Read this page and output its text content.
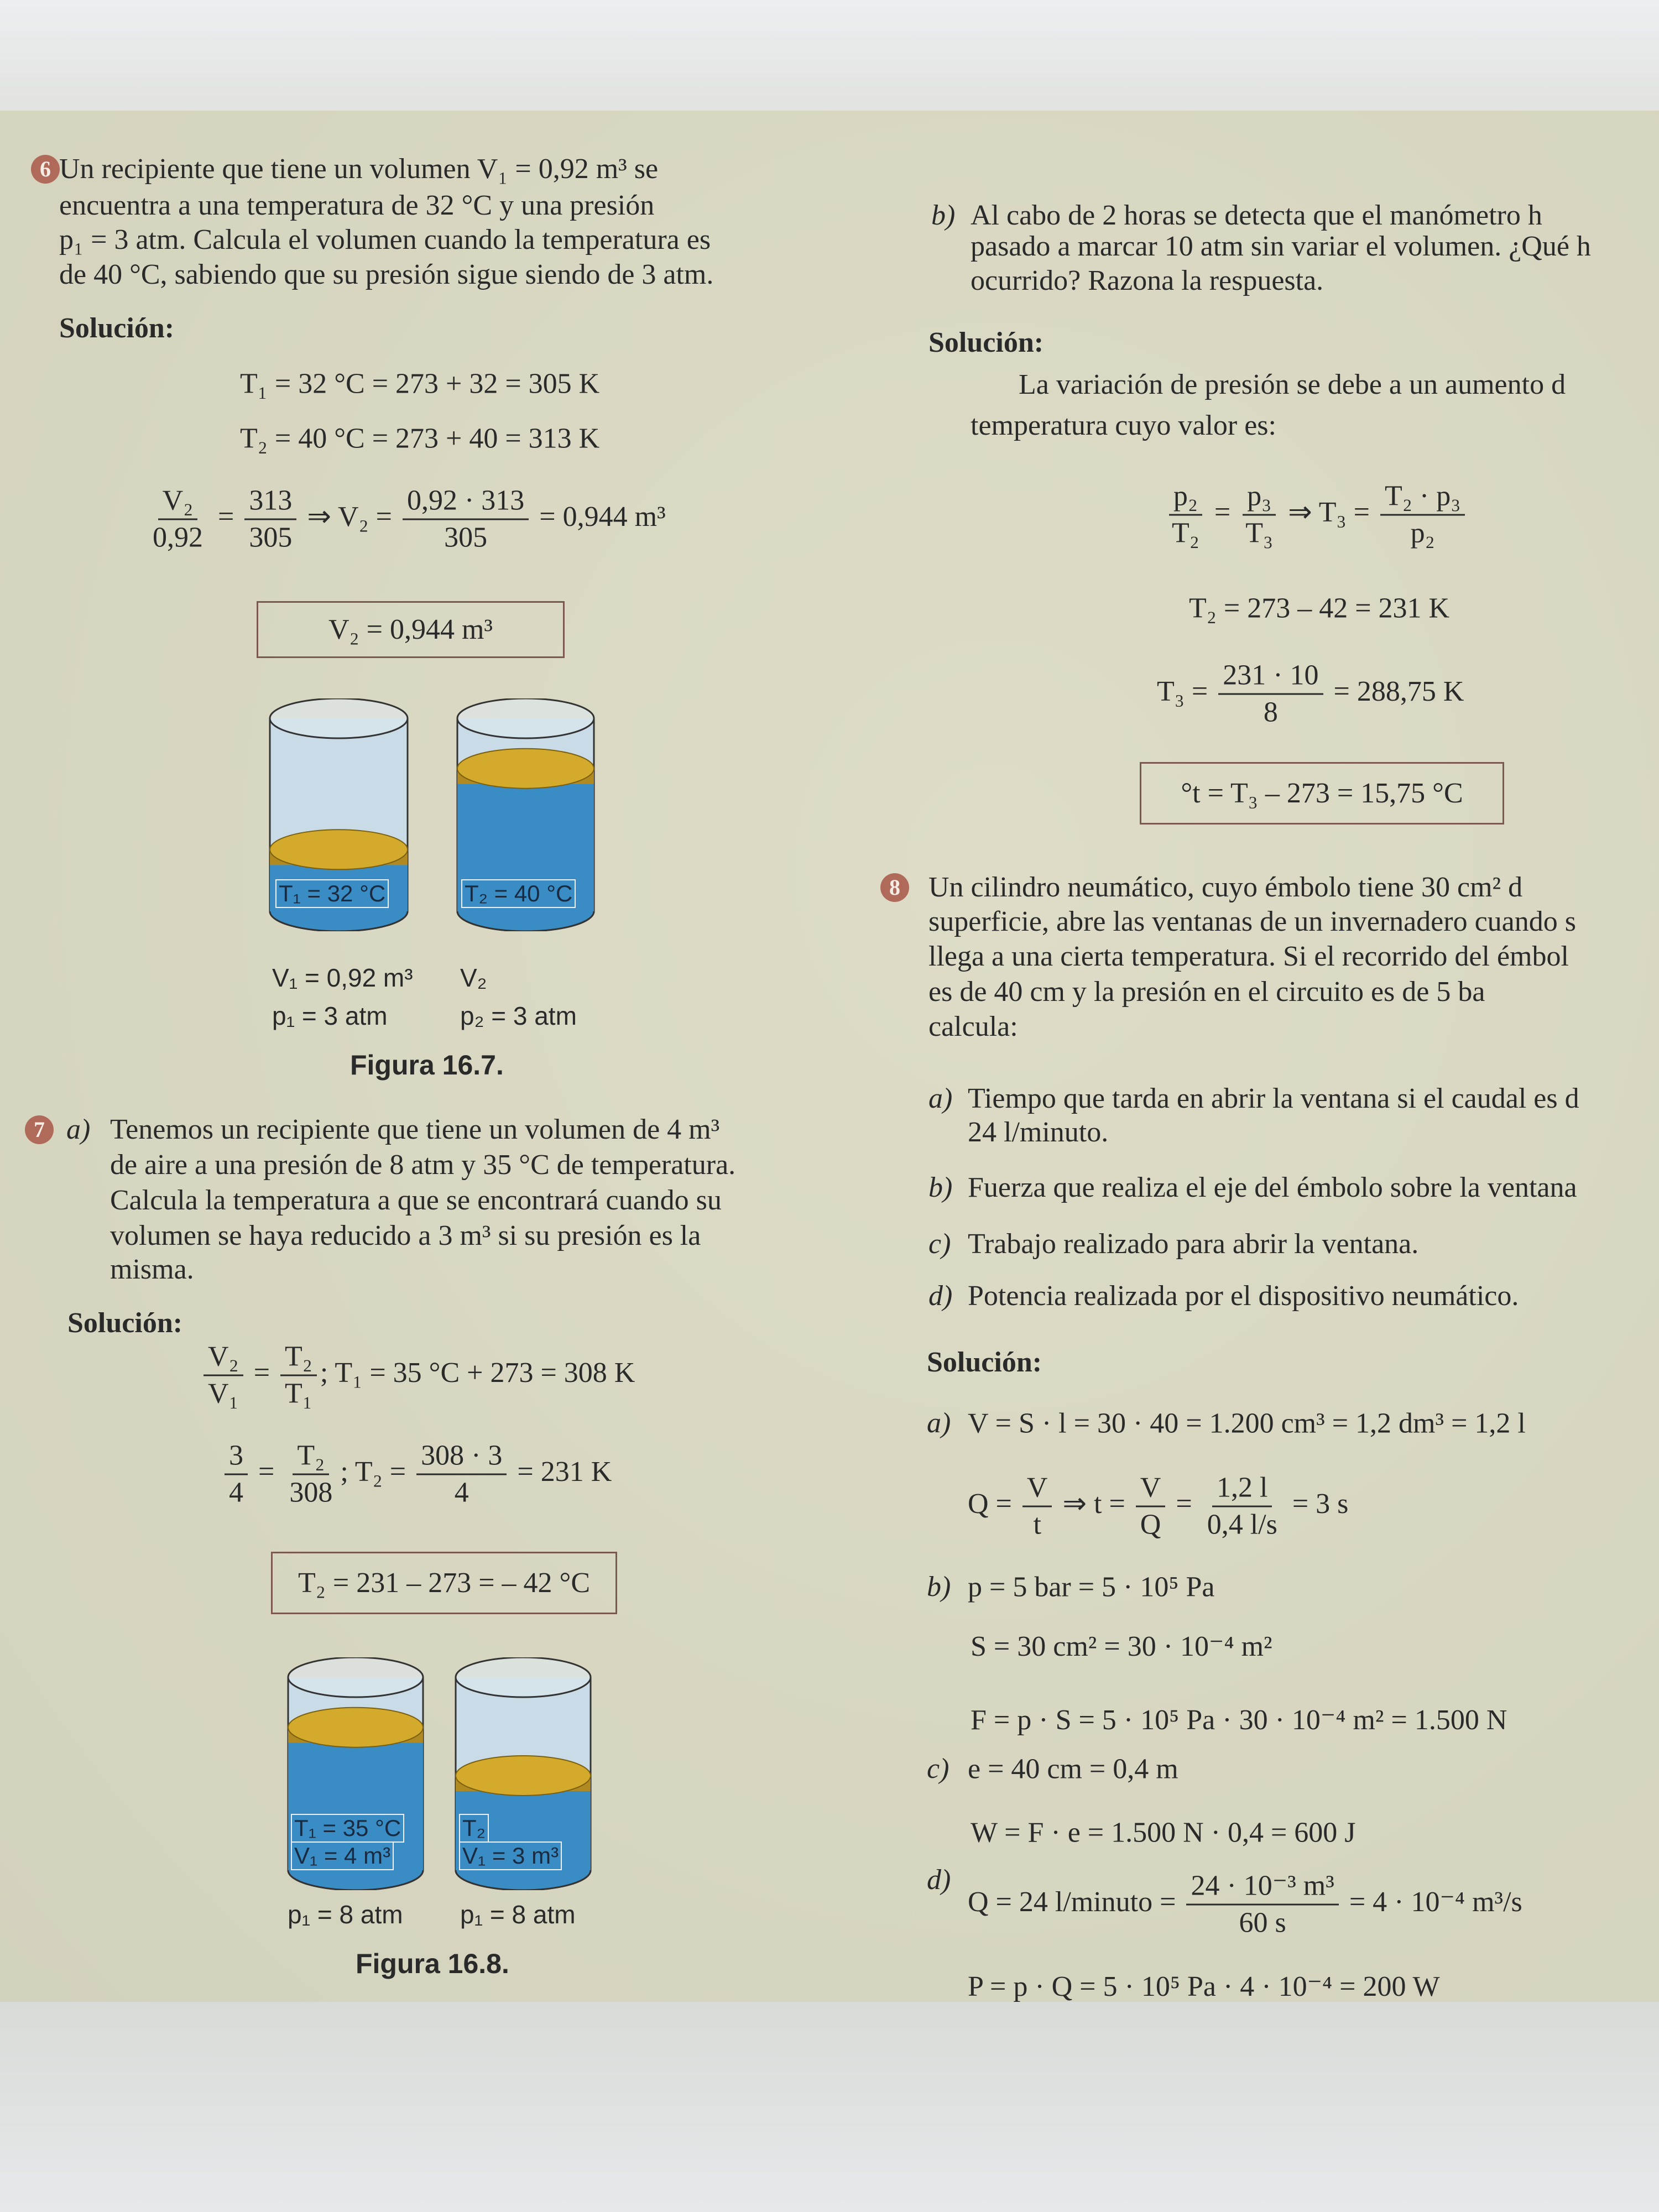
6 Un recipiente que tiene un volumen V₁ = 0,92 m³ se
encuentra a una temperatura de 32 °C y una presión
p₁ = 3 atm. Calcula el volumen cuando la temperatura es
de 40 °C, sabiendo que su presión sigue siendo de 3 atm.
Solución:
T₁ = 32 °C = 273 + 32 = 305 K
T₂ = 40 °C = 273 + 40 = 313 K
$\frac{\text{V₂}}{0,92} = \frac{313}{305}$ ⇒ $V_2 = \frac{0,92 \cdot 313}{305} = 0,944$ m³
V₂ = 0,944 m³
T₁ = 32 °C	T₂ = 40 °C
V₁ = 0,92 m³ V₂
p₁ = 3 atm	p₂ = 3 atm
Figura 16.7.
7 a) Tenemos un recipiente que tiene un volumen de 4 m³
de aire a una presión de 8 atm y 35 °C de temperatura.
Calcula la temperatura a que se encontrará cuando su
volumen se haya reducido a 3 m³ si su presión es la
misma.
Solución:
$\frac{\text{V₂}}{\text{V₁}} = \frac{\text{T₂}}{\text{T₁}}$ ; T₁ = 35 °C + 273 = 308 K
$\frac{3}{4} = \frac{\text{T₂}}{308}$ ; $T_2 = \frac{308 \cdot 3}{4} = 231$ K
T₂ = 231 – 273 = – 42 °C
T₁ = 35 °C
V₁ = 4 m³
T₂
V₁ = 3 m³
p₁ = 8 atm p₁ = 8 atm
Figura 16.8.
b) Al cabo de 2 horas se detecta que el manómetro h
pasado a marcar 10 atm sin variar el volumen. ¿Qué h
ocurrido? Razona la respuesta.
Solución:
La variación de presión se debe a un aumento d
temperatura cuyo valor es:
$\frac{\text{p₂}}{\text{T₂}} = \frac{\text{p₃}}{\text{T₃}}$ ⇒ $T_3 = \frac{\text{T₂ · p₃}}{\text{p₂}}$
T₂ = 273 – 42 = 231 K
$T_3 = \frac{231 \cdot 10}{8} = 288,75$ K
°t = T₃ – 273 = 15,75 °C
8 Un cilindro neumático, cuyo émbolo tiene 30 cm² d
superficie, abre las ventanas de un invernadero cuando s
llega a una cierta temperatura. Si el recorrido del émbol
es de 40 cm y la presión en el circuito es de 5 ba
calcula:
a) Tiempo que tarda en abrir la ventana si el caudal es d
24 l/minuto.
b) Fuerza que realiza el eje del émbolo sobre la ventana
c) Trabajo realizado para abrir la ventana.
d) Potencia realizada por el dispositivo neumático.
Solución:
a) V = S · l = 30 · 40 = 1.200 cm³ = 1,2 dm³ = 1,2 l
$Q = \frac{V}{t}$ ⇒ $t = \frac{V}{Q} = \frac{1,2 l}{0,4 l/s} = 3$ s
b) p = 5 bar = 5 · 10⁵ Pa
S = 30 cm² = 30 · 10⁻⁴ m²
F = p · S = 5 · 10⁵ Pa · 30 · 10⁻⁴ m² = 1.500 N
c) e = 40 cm = 0,4 m
W = F · e = 1.500 N · 0,4 = 600 J
d)
Q = 24 l/minuto = $\frac{\text{24 · 10⁻³ m³}}{60 s} = 4 \cdot 10^{-4}$ m³/s
P = p · Q = 5 · 10⁵ Pa · 4 · 10⁻⁴ = 200 W
